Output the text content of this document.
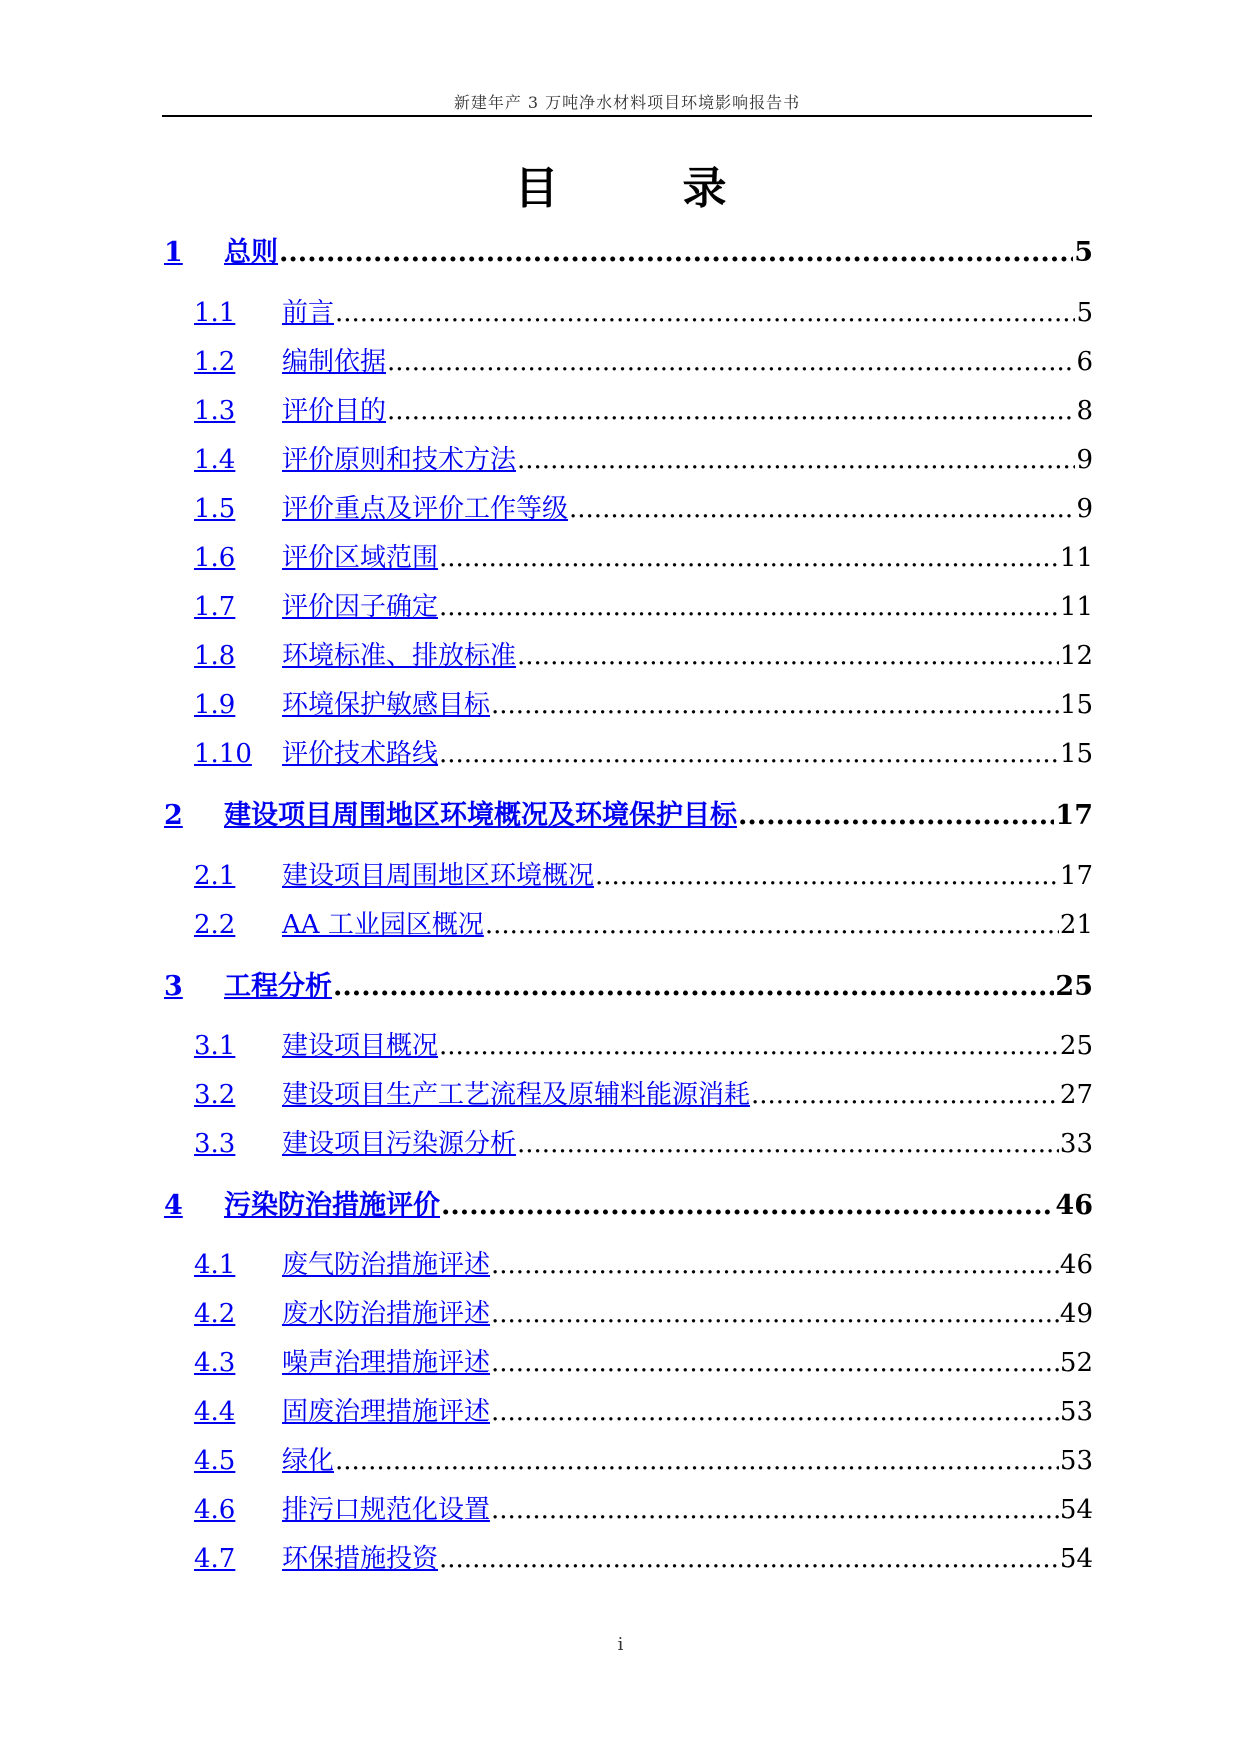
新建年产 3 万吨净水材料项目环境影响报告书
目　录
1	总则 .....	5
1.1	前言 .....	5
1.2	编制依据 .....	6
1.3	评价目的 .....	8
1.4	评价原则和技术方法 .....	9
1.5	评价重点及评价工作等级 .....	9
1.6	评价区域范围 .....	11
1.7	评价因子确定 .....	11
1.8	环境标准、排放标准 .....	12
1.9	环境保护敏感目标 .....	15
1.10	评价技术路线 .....	15
2	建设项目周围地区环境概况及环境保护目标 .....	17
2.1	建设项目周围地区环境概况 .....	17
2.2	AA 工业园区概况 .....	21
3	工程分析 .....	25
3.1	建设项目概况 .....	25
3.2	建设项目生产工艺流程及原辅料能源消耗 .....	27
3.3	建设项目污染源分析 .....	33
4	污染防治措施评价 .....	46
4.1	废气防治措施评述 .....	46
4.2	废水防治措施评述 .....	49
4.3	噪声治理措施评述 .....	52
4.4	固废治理措施评述 .....	53
4.5	绿化 .....	53
4.6	排污口规范化设置 .....	54
4.7	环保措施投资 .....	54
i
